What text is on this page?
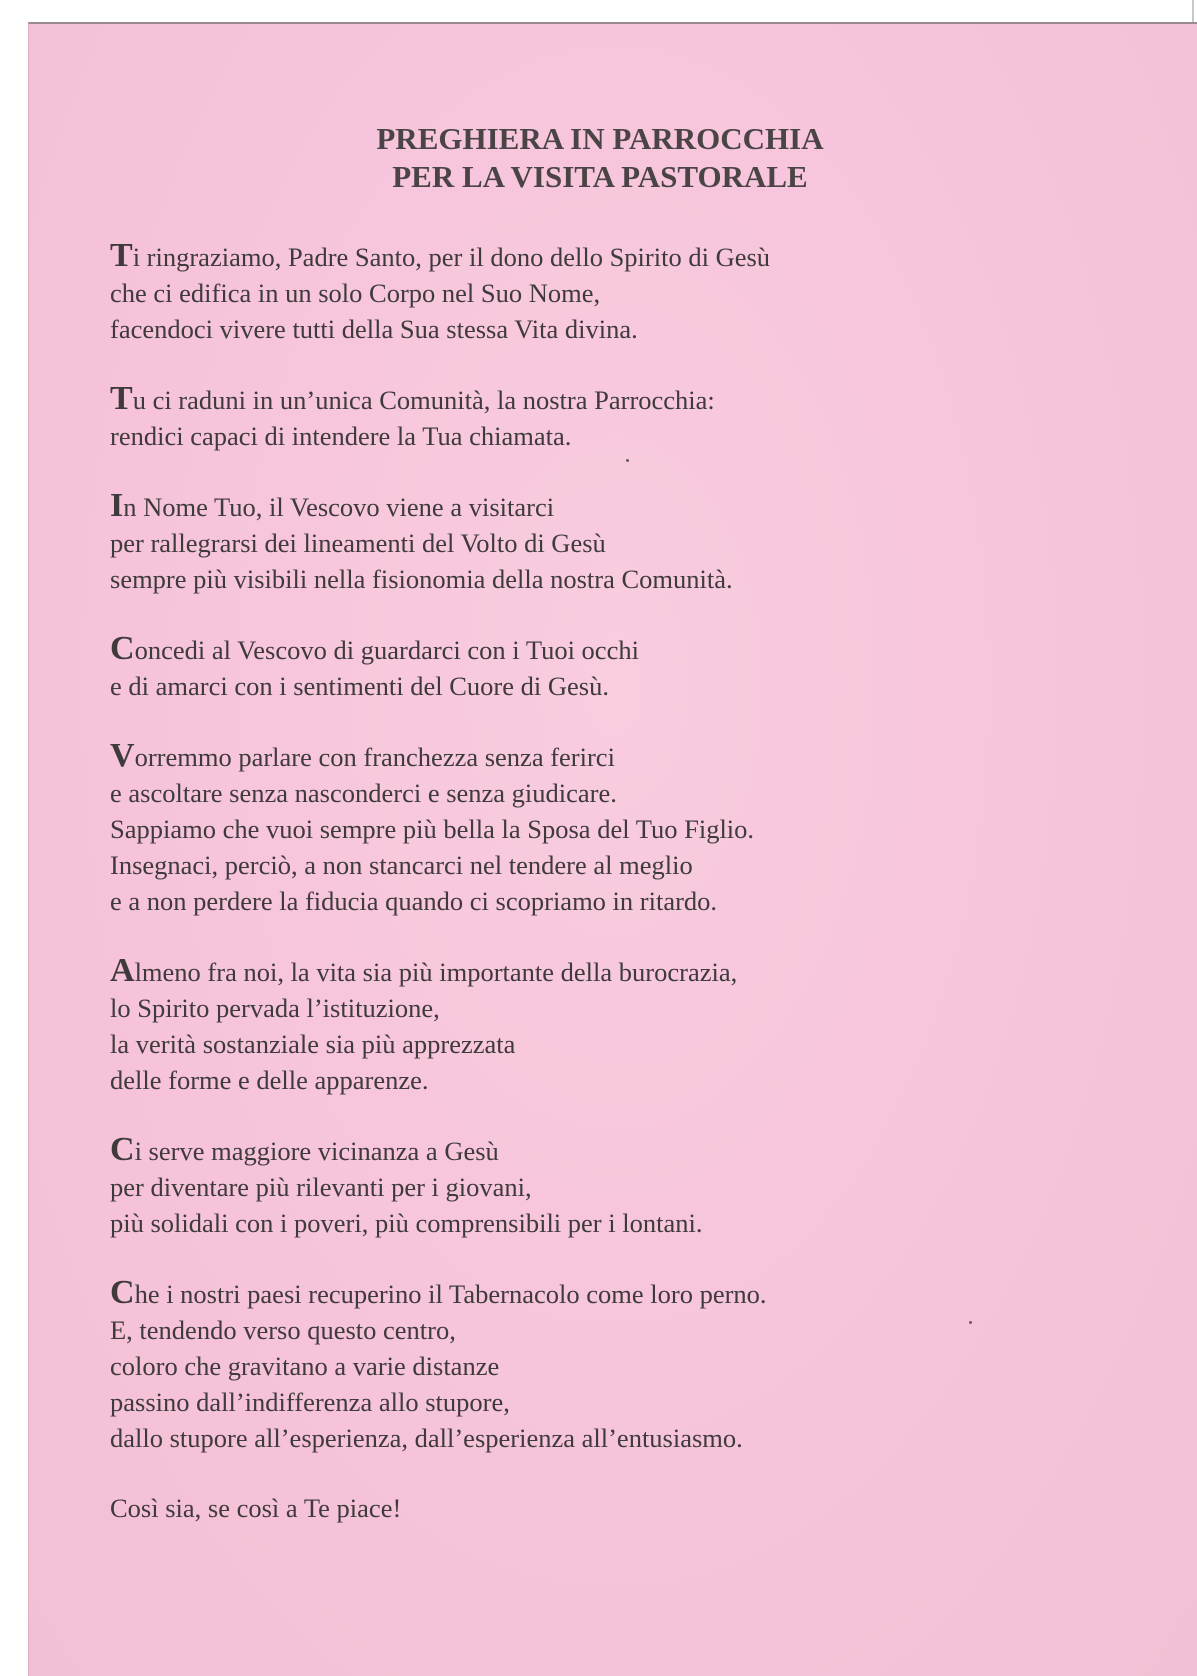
PREGHIERA IN PARROCCHIA
PER LA VISITA PASTORALE
Ti ringraziamo, Padre Santo, per il dono dello Spirito di Gesù
che ci edifica in un solo Corpo nel Suo Nome,
facendoci vivere tutti della Sua stessa Vita divina.
Tu ci raduni in un’unica Comunità, la nostra Parrocchia:
rendici capaci di intendere la Tua chiamata.
In Nome Tuo, il Vescovo viene a visitarci
per rallegrarsi dei lineamenti del Volto di Gesù
sempre più visibili nella fisionomia della nostra Comunità.
Concedi al Vescovo di guardarci con i Tuoi occhi
e di amarci con i sentimenti del Cuore di Gesù.
Vorremmo parlare con franchezza senza ferirci
e ascoltare senza nasconderci e senza giudicare.
Sappiamo che vuoi sempre più bella la Sposa del Tuo Figlio.
Insegnaci, perciò, a non stancarci nel tendere al meglio
e a non perdere la fiducia quando ci scopriamo in ritardo.
Almeno fra noi, la vita sia più importante della burocrazia,
lo Spirito pervada l’istituzione,
la verità sostanziale sia più apprezzata
delle forme e delle apparenze.
Ci serve maggiore vicinanza a Gesù
per diventare più rilevanti per i giovani,
più solidali con i poveri, più comprensibili per i lontani.
Che i nostri paesi recuperino il Tabernacolo come loro perno.
E, tendendo verso questo centro,
coloro che gravitano a varie distanze
passino dall’indifferenza allo stupore,
dallo stupore all’esperienza, dall’esperienza all’entusiasmo.
Così sia, se così a Te piace!
